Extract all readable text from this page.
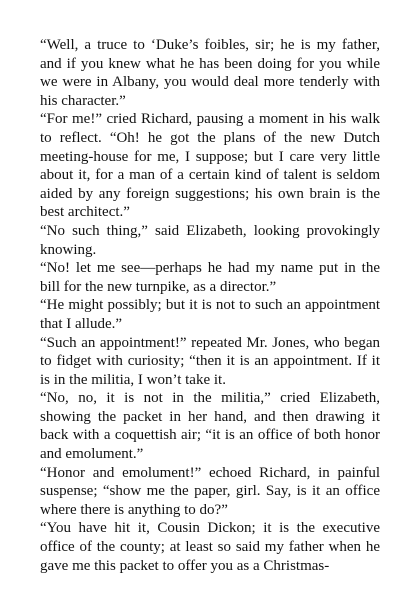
“Well, a truce to ‘Duke’s foibles, sir; he is my father, and if you knew what he has been doing for you while we were in Albany, you would deal more tenderly with his character.”

“For me!” cried Richard, pausing a moment in his walk to reflect. “Oh! he got the plans of the new Dutch meeting-house for me, I suppose; but I care very little about it, for a man of a certain kind of talent is seldom aided by any foreign suggestions; his own brain is the best architect.”

“No such thing,” said Elizabeth, looking provokingly knowing.

“No! let me see—perhaps he had my name put in the bill for the new turnpike, as a director.”

“He might possibly; but it is not to such an appointment that I allude.”

“Such an appointment!” repeated Mr. Jones, who began to fidget with curiosity; “then it is an appointment. If it is in the militia, I won’t take it.

“No, no, it is not in the militia,” cried Elizabeth, showing the packet in her hand, and then drawing it back with a coquettish air; “it is an office of both honor and emolument.”

“Honor and emolument!” echoed Richard, in painful suspense; “show me the paper, girl. Say, is it an office where there is anything to do?”

“You have hit it, Cousin Dickon; it is the executive office of the county; at least so said my father when he gave me this packet to offer you as a Christmas-
